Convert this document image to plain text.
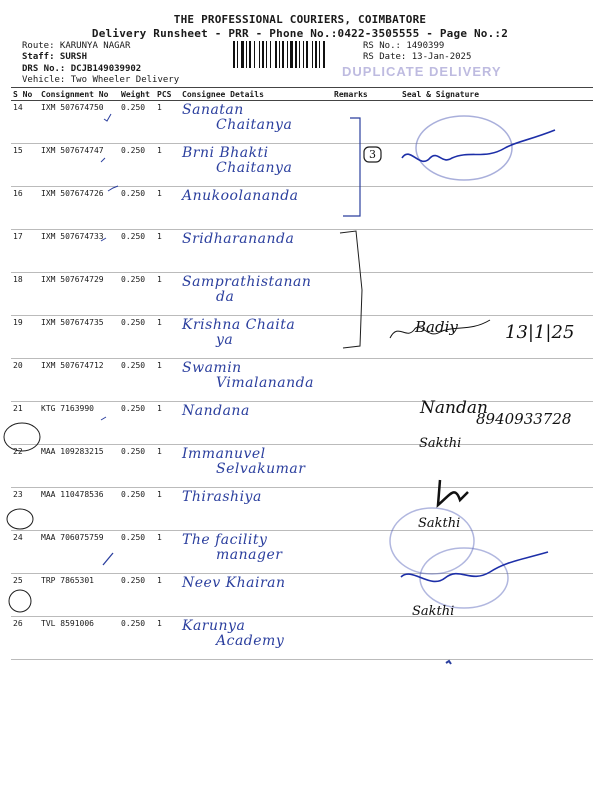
THE PROFESSIONAL COURIERS, COIMBATORE
Delivery Runsheet - PRR - Phone No.:0422-3505555 - Page No.:2
Route: KARUNYA NAGAR
Staff: SURSH
DRS No.: DCJB149039902
Vehicle: Two Wheeler Delivery
RS No.: 1490399
RS Date: 13-Jan-2025
DUPLICATE DELIVERY
S No	Consignment No	Weight	PCS	Consignee Details	Remarks	Seal & Signature
14	IXM 507674750	0.250	1	Sanatan
Chaitanya		

15	IXM 507674747	0.250	1	Brni Bhakti
Chaitanya		

16	IXM 507674726	0.250	1	Anukoolananda

17	IXM 507674733	0.250	1	Sridharananda

18	IXM 507674729	0.250	1	Samprathistanan
da		

19	IXM 507674735	0.250	1	Krishna Chaita
ya		

20	IXM 507674712	0.250	1	Swamin
Vimalananda		

21	KTG 7163990	0.250	1	Nandana

22	MAA 109283215	0.250	1	Immanuvel
Selvakumar		

23	MAA 110478536	0.250	1	Thirashiya

24	MAA 706075759	0.250	1	The facility
manager		

25	TRP 7865301	0.250	1	Neev Khairan

26	TVL 8591006	0.250	1	Karunya
Academy		

3
Badiy	13|1|25
Nandan
8940933728
Sakthi
Sakthi
Sakthi
